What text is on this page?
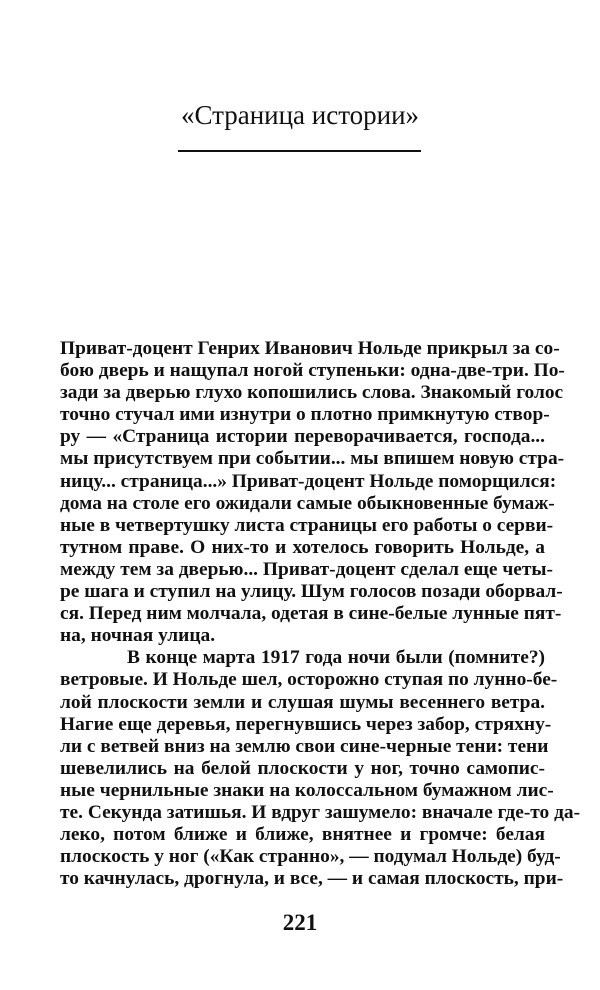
«Страница истории»
Приват-доцент Генрих Иванович Нольде прикрыл за со-
бою дверь и нащупал ногой ступеньки: одна-две-три. По-
зади за дверью глухо копошились слова. Знакомый голос
точно стучал ими изнутри о плотно примкнутую створ-
ру — «Страница истории переворачивается, господа...
мы присутствуем при событии... мы впишем новую стра-
ницу... страница...» Приват-доцент Нольде поморщился:
дома на столе его ожидали самые обыкновенные бумаж-
ные в четвертушку листа страницы его работы о серви-
тутном праве. О них-то и хотелось говорить Нольде, а
между тем за дверью... Приват-доцент сделал еще четы-
ре шага и ступил на улицу. Шум голосов позади оборвал-
ся. Перед ним молчала, одетая в сине-белые лунные пят-
на, ночная улица.
В конце марта 1917 года ночи были (помните?)
ветровые. И Нольде шел, осторожно ступая по лунно-бе-
лой плоскости земли и слушая шумы весеннего ветра.
Нагие еще деревья, перегнувшись через забор, стряхну-
ли с ветвей вниз на землю свои сине-черные тени: тени
шевелились на белой плоскости у ног, точно самопис-
ные чернильные знаки на колоссальном бумажном лис-
те. Секунда затишья. И вдруг зашумело: вначале где-то да-
леко, потом ближе и ближе, внятнее и громче: белая
плоскость у ног («Как странно», — подумал Нольде) буд-
то качнулась, дрогнула, и все, — и самая плоскость, при-
221
